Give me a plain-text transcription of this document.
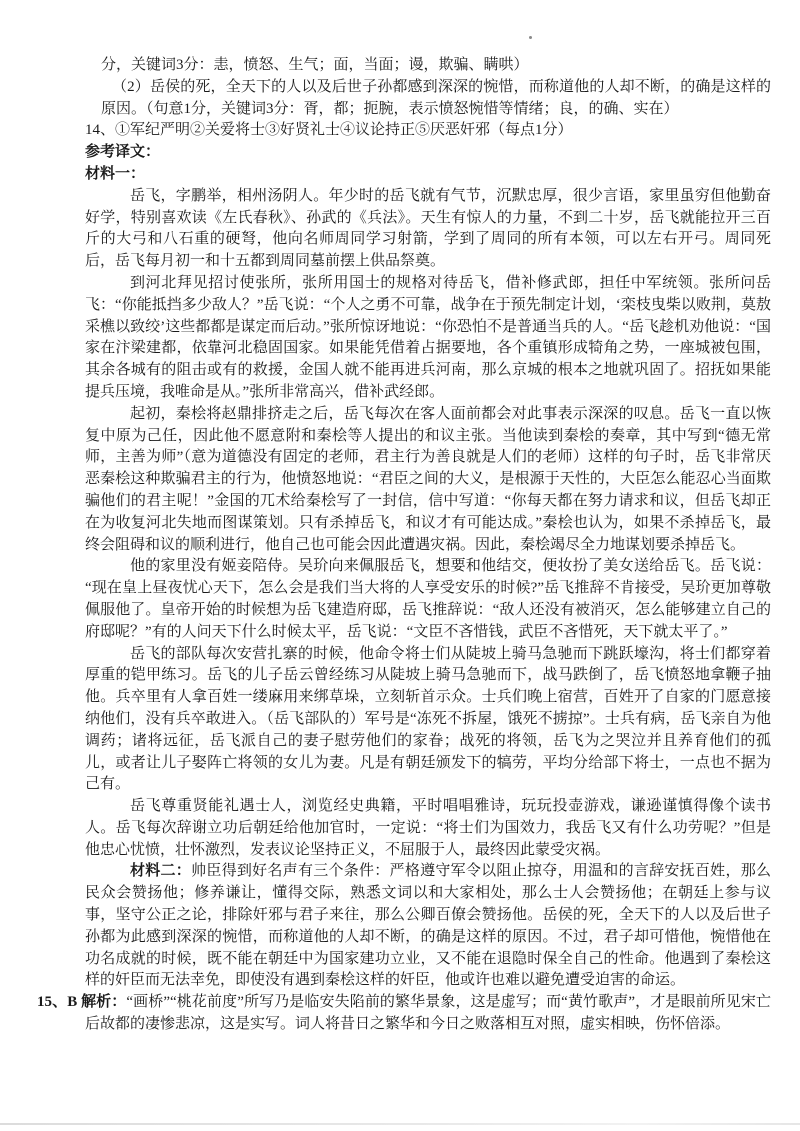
分，关键词3分：恚，愤怒、生气；面，当面；谩，欺骗、瞒哄）

（2）岳侯的死，全天下的人以及后世子孙都感到深深的惋惜，而称道他的人却不断，的确是这样的原因。（句意1分，关键词3分：胥，都；扼腕，表示愤怒惋惜等情绪；良，的确、实在）

14、①军纪严明②关爱将士③好贤礼士④议论持正⑤厌恶奸邪（每点1分）

参考译文：

材料一：

岳飞，字鹏举，相州汤阴人。年少时的岳飞就有气节，沉默忠厚，很少言语，家里虽穷但他勤奋好学，特别喜欢读《左氏春秋》、孙武的《兵法》。天生有惊人的力量，不到二十岁，岳飞就能拉开三百斤的大弓和八石重的硬弩，他向名师周同学习射箭，学到了周同的所有本领，可以左右开弓。周同死后，岳飞每月初一和十五都到周同墓前摆上供品祭奠。

到河北拜见招讨使张所，张所用国士的规格对待岳飞，借补修武郎，担任中军统领。张所问岳飞：“你能抵挡多少敌人？”岳飞说：“个人之勇不可靠，战争在于预先制定计划，‘栾枝曳柴以败荆，莫敖采樵以致绞’这些都都是谋定而后动。”张所惊讶地说：“你恐怕不是普通当兵的人。“岳飞趁机劝他说：“国家在汴梁建都，依靠河北稳固国家。如果能凭借着占据要地，各个重镇形成犄角之势，一座城被包围，其余各城有的阻击或有的救援，金国人就不能再进兵河南，那么京城的根本之地就巩固了。招抚如果能提兵压境，我唯命是从。”张所非常高兴，借补武经郎。

起初，秦桧将赵鼎排挤走之后，岳飞每次在客人面前都会对此事表示深深的叹息。岳飞一直以恢复中原为己任，因此他不愿意附和秦桧等人提出的和议主张。当他读到秦桧的奏章，其中写到“德无常师，主善为师”（意为道德没有固定的老师，君主行为善良就是人们的老师）这样的句子时，岳飞非常厌恶秦桧这种欺骗君主的行为，他愤怒地说：“君臣之间的大义，是根源于天性的，大臣怎么能忍心当面欺骗他们的君主呢！”金国的兀术给秦桧写了一封信，信中写道：“你每天都在努力请求和议，但岳飞却正在为收复河北失地而图谋策划。只有杀掉岳飞，和议才有可能达成。”秦桧也认为，如果不杀掉岳飞，最终会阻碍和议的顺利进行，他自己也可能会因此遭遇灾祸。因此，秦桧竭尽全力地谋划要杀掉岳飞。

他的家里没有姬妾陪侍。吴玠向来佩服岳飞，想要和他结交，便妆扮了美女送给岳飞。岳飞说：“现在皇上昼夜忧心天下，怎么会是我们当大将的人享受安乐的时候?”岳飞推辞不肯接受，吴玠更加尊敬佩服他了。皇帝开始的时候想为岳飞建造府邸，岳飞推辞说：“敌人还没有被消灭，怎么能够建立自己的府邸呢？”有的人问天下什么时候太平，岳飞说：“文臣不吝惜钱，武臣不吝惜死，天下就太平了。”

岳飞的部队每次安营扎寨的时候，他命令将士们从陡坡上骑马急驰而下跳跃壕沟，将士们都穿着厚重的铠甲练习。岳飞的儿子岳云曾经练习从陡坡上骑马急驰而下，战马跌倒了，岳飞愤怒地拿鞭子抽他。兵卒里有人拿百姓一缕麻用来绑草垛，立刻斩首示众。士兵们晚上宿营，百姓开了自家的门愿意接纳他们，没有兵卒敢进入。（岳飞部队的）军号是“冻死不拆屋，饿死不掳掠”。士兵有病，岳飞亲自为他调药；诸将远征，岳飞派自己的妻子慰劳他们的家眷；战死的将领，岳飞为之哭泣并且养育他们的孤儿，或者让儿子娶阵亡将领的女儿为妻。凡是有朝廷颁发下的犒劳，平均分给部下将士，一点也不据为己有。

岳飞尊重贤能礼遇士人，浏览经史典籍，平时唱唱雅诗，玩玩投壶游戏，谦逊谨慎得像个读书人。岳飞每次辞谢立功后朝廷给他加官时，一定说：“将士们为国效力，我岳飞又有什么功劳呢？”但是他忠心忧愤，壮怀激烈，发表议论坚持正义，不屈服于人，最终因此蒙受灾祸。

材料二：帅臣得到好名声有三个条件：严格遵守军令以阻止掠夺，用温和的言辞安抚百姓，那么民众会赞扬他；修养谦让，懂得交际，熟悉文词以和大家相处，那么士人会赞扬他；在朝廷上参与议事，坚守公正之论，排除奸邪与君子来往，那么公卿百僚会赞扬他。岳侯的死，全天下的人以及后世子孙都为此感到深深的惋惜，而称道他的人却不断，的确是这样的原因。不过，君子却可惜他，惋惜他在功名成就的时候，既不能在朝廷中为国家建功立业，又不能在退隐时保全自己的性命。他遇到了秦桧这样的奸臣而无法幸免，即使没有遇到秦桧这样的奸臣，他或许也难以避免遭受迫害的命运。

15、B 解析：“画桥”“桃花前度”所写乃是临安失陷前的繁华景象，这是虚写；而“黄竹歌声”，才是眼前所见宋亡后故都的凄惨悲凉，这是实写。词人将昔日之繁华和今日之败落相互对照，虚实相映，伤怀倍添。
